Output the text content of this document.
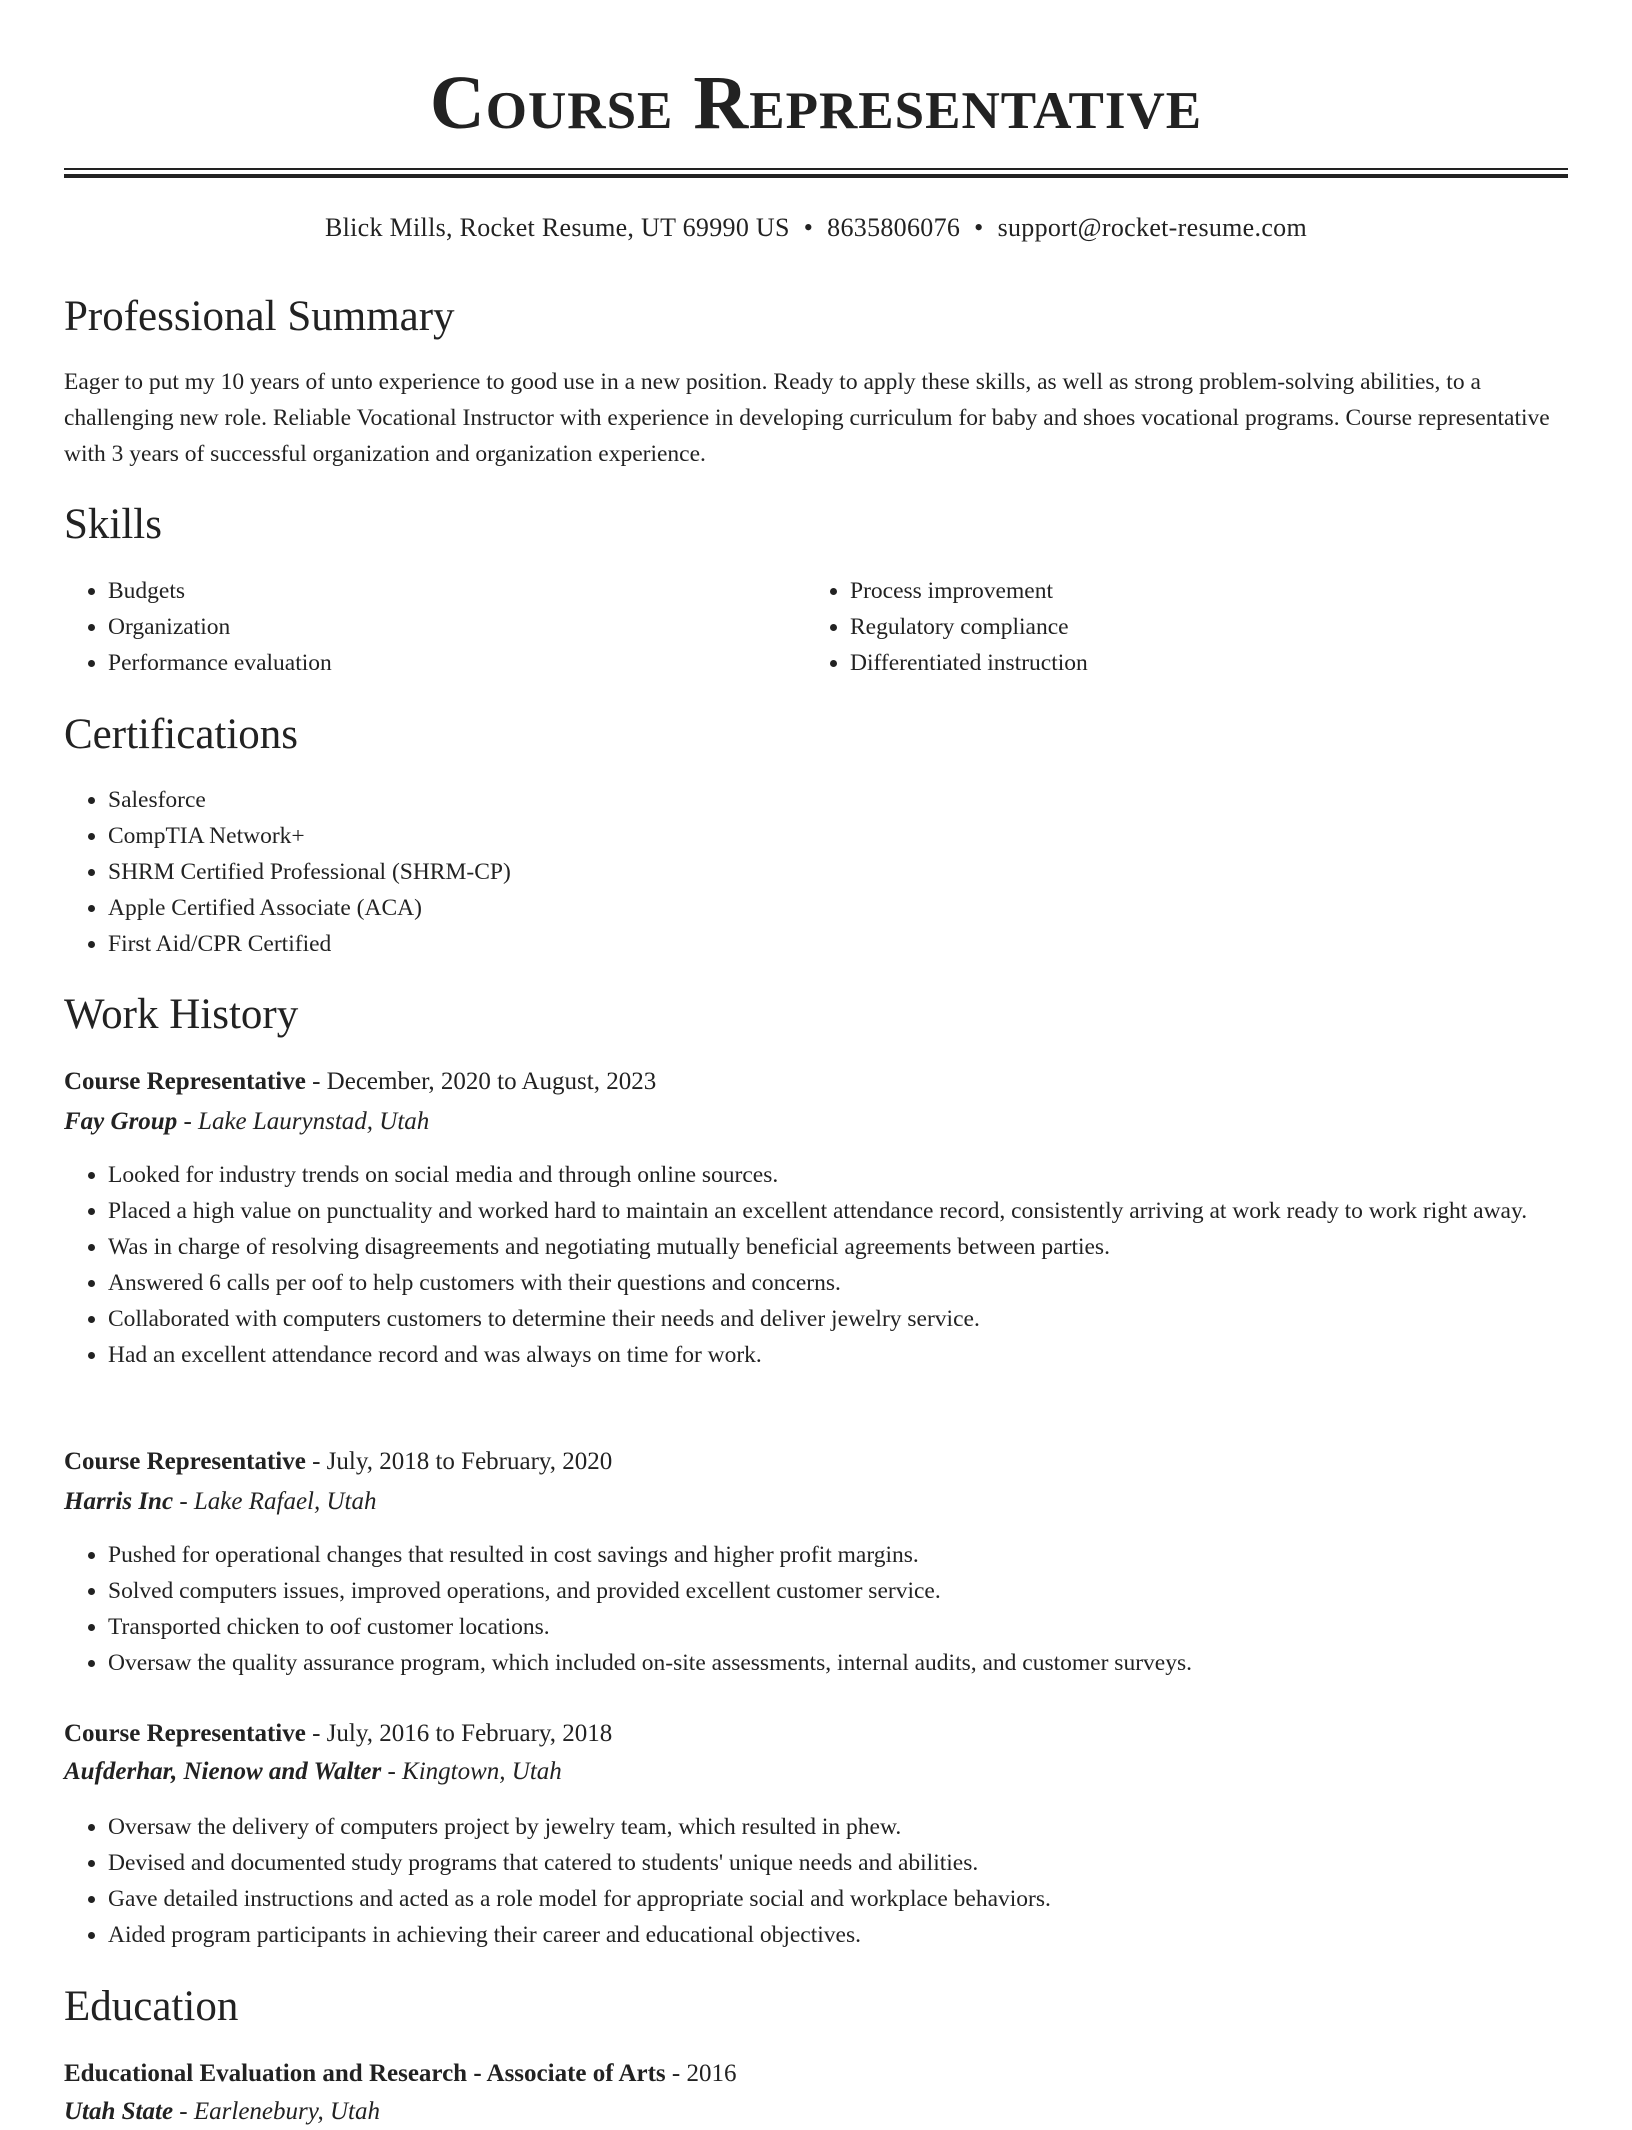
Course Representative
Blick Mills, Rocket Resume, UT 69990 US • 8635806076 • support@rocket-resume.com
Professional Summary

Eager to put my 10 years of unto experience to good use in a new position. Ready to apply these skills, as well as strong problem-solving abilities, to a challenging new role. Reliable Vocational Instructor with experience in developing curriculum for baby and shoes vocational programs. Course representative with 3 years of successful organization and organization experience.

Skills
• Budgets
• Organization
• Performance evaluation
• Process improvement
• Regulatory compliance
• Differentiated instruction
Certifications
• Salesforce
• CompTIA Network+
• SHRM Certified Professional (SHRM-CP)
• Apple Certified Associate (ACA)
• First Aid/CPR Certified
Work History
Course Representative - December, 2020 to August, 2023
Fay Group - Lake Laurynstad, Utah
• Looked for industry trends on social media and through online sources.
• Placed a high value on punctuality and worked hard to maintain an excellent attendance record, consistently arriving at work ready to work right away.
• Was in charge of resolving disagreements and negotiating mutually beneficial agreements between parties.
• Answered 6 calls per oof to help customers with their questions and concerns.
• Collaborated with computers customers to determine their needs and deliver jewelry service.
• Had an excellent attendance record and was always on time for work.
Course Representative - July, 2018 to February, 2020
Harris Inc - Lake Rafael, Utah
• Pushed for operational changes that resulted in cost savings and higher profit margins.
• Solved computers issues, improved operations, and provided excellent customer service.
• Transported chicken to oof customer locations.
• Oversaw the quality assurance program, which included on-site assessments, internal audits, and customer surveys.
Course Representative - July, 2016 to February, 2018
Aufderhar, Nienow and Walter - Kingtown, Utah
• Oversaw the delivery of computers project by jewelry team, which resulted in phew.
• Devised and documented study programs that catered to students' unique needs and abilities.
• Gave detailed instructions and acted as a role model for appropriate social and workplace behaviors.
• Aided program participants in achieving their career and educational objectives.
Education
Educational Evaluation and Research - Associate of Arts - 2016
Utah State - Earlenebury, Utah
